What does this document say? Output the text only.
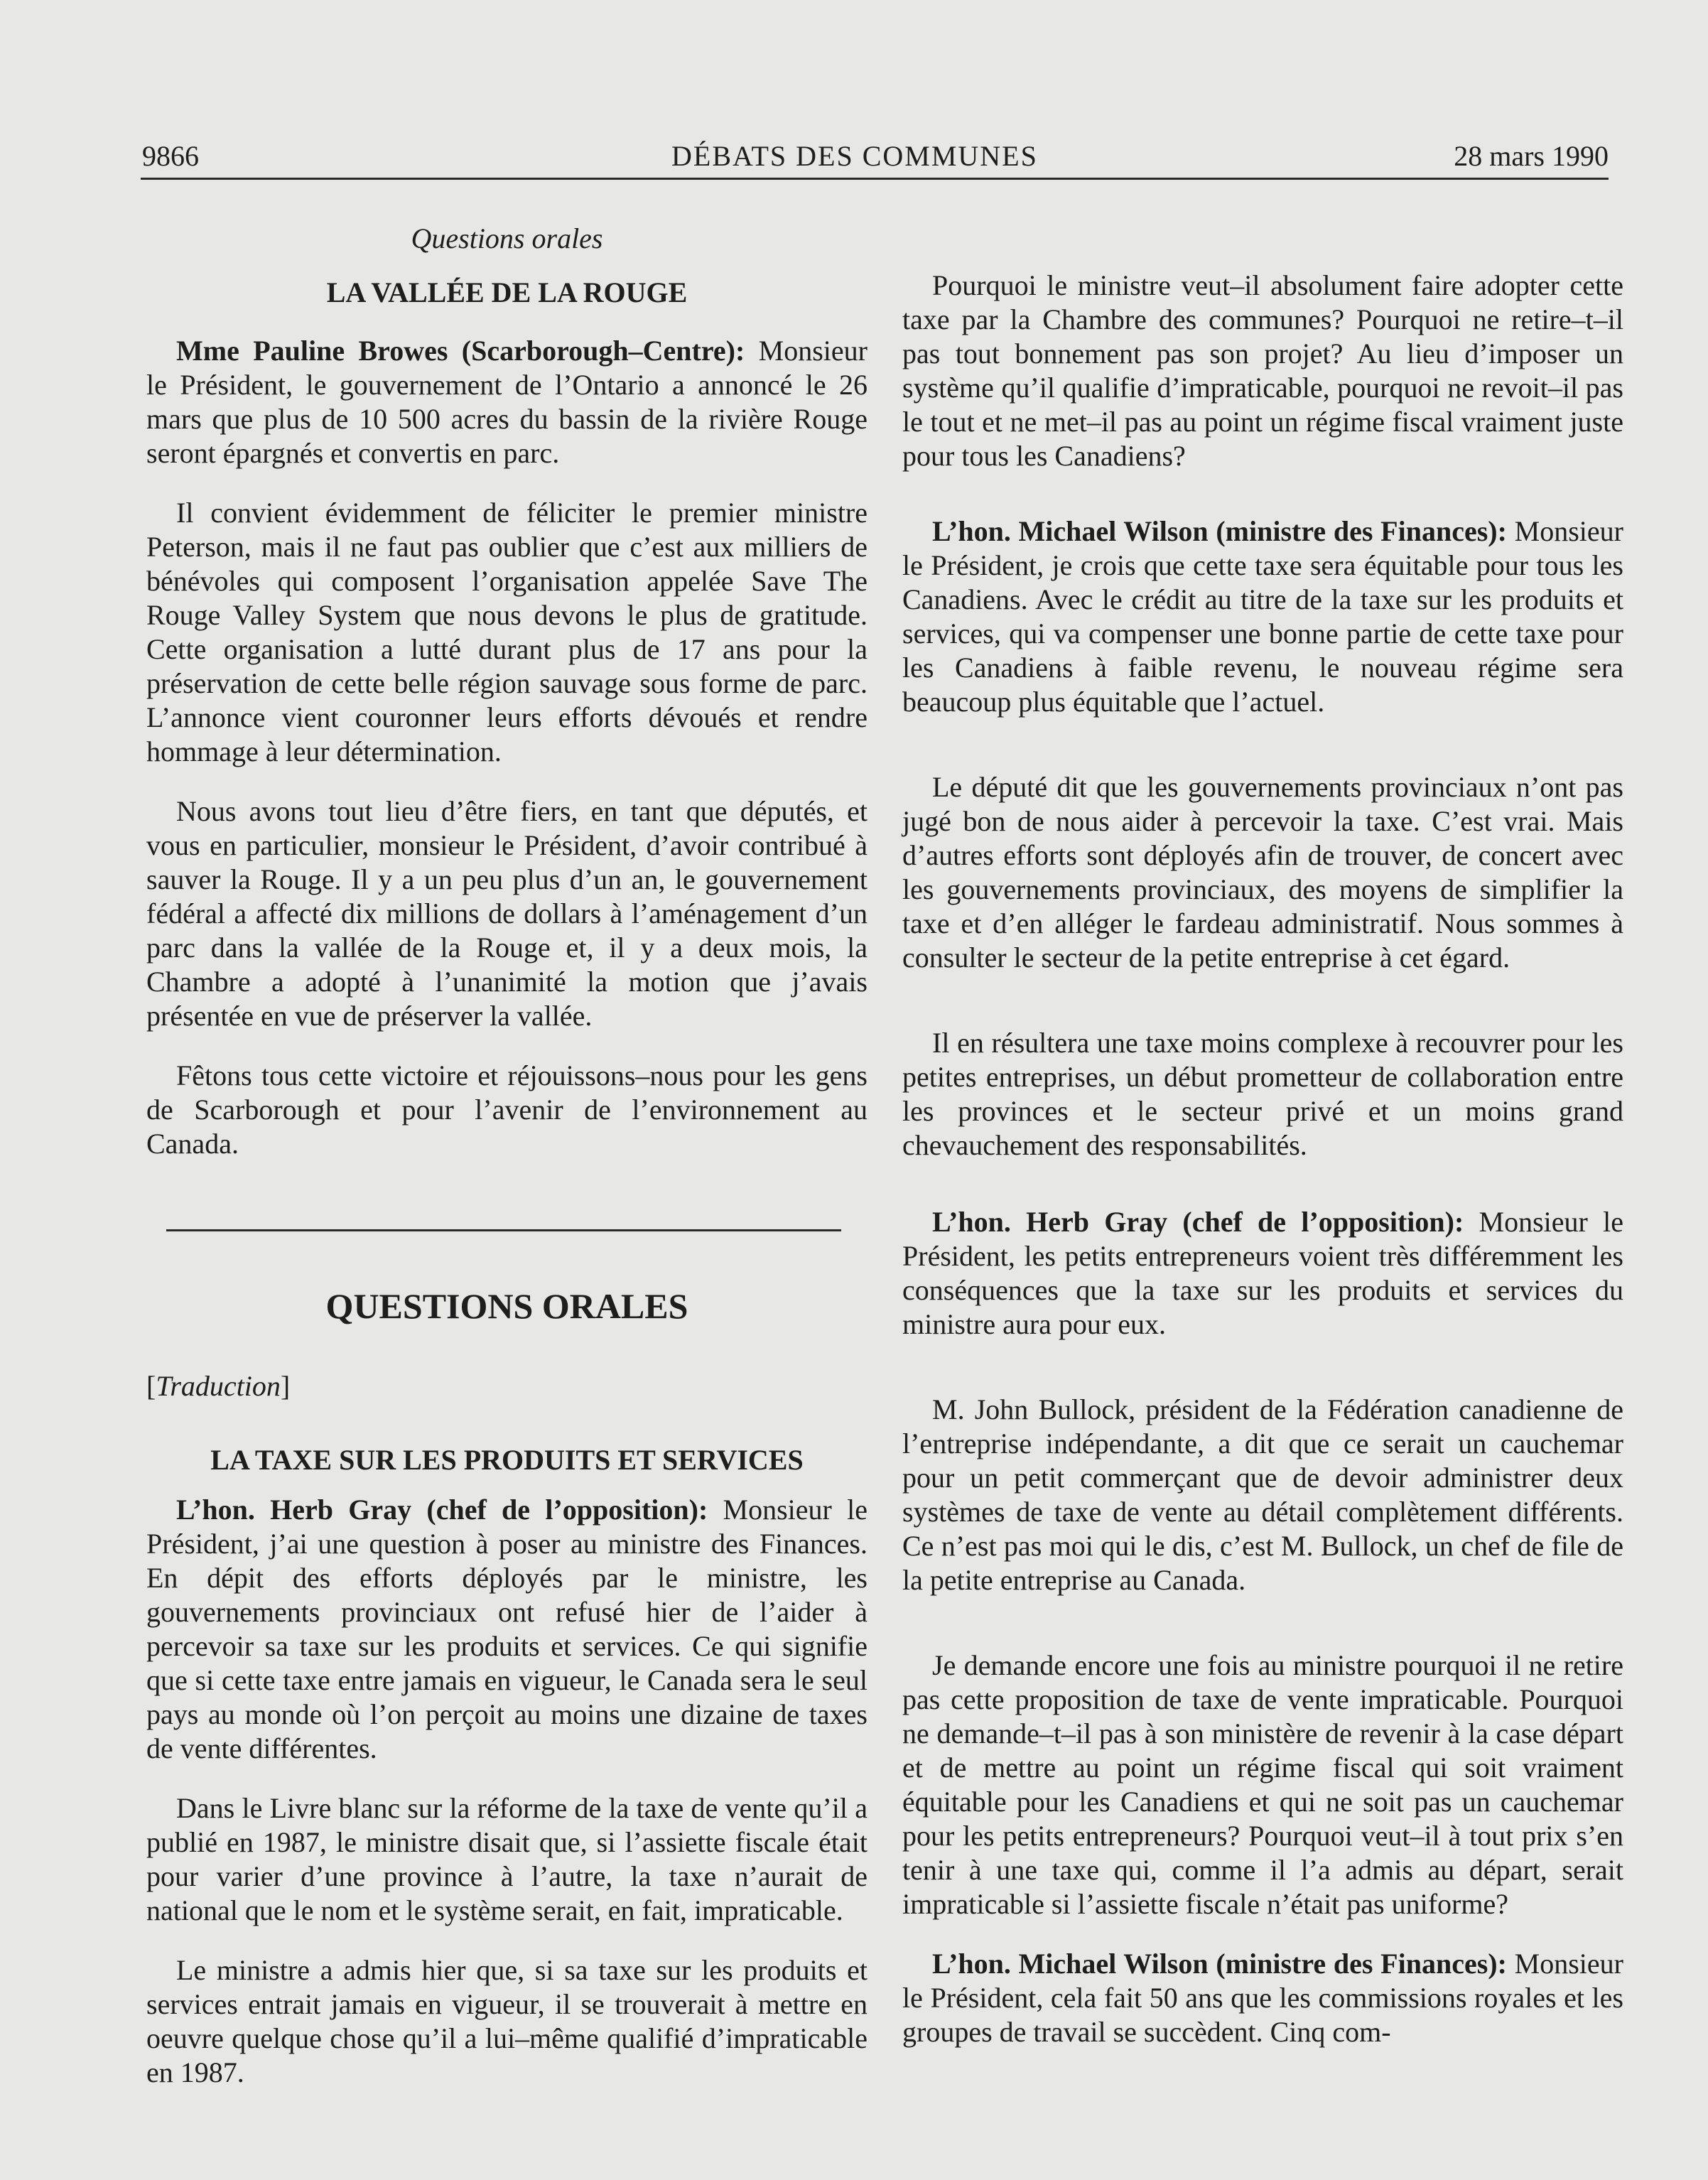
9866	DÉBATS DES COMMUNES	28 mars 1990
Questions orales
LA VALLÉE DE LA ROUGE

Mme Pauline Browes (Scarborough–Centre): Monsieur le Président, le gouvernement de l’Ontario a annoncé le 26 mars que plus de 10 500 acres du bassin de la rivière Rouge seront épargnés et convertis en parc.

Il convient évidemment de féliciter le premier ministre Peterson, mais il ne faut pas oublier que c’est aux milliers de bénévoles qui composent l’organisation appelée Save The Rouge Valley System que nous devons le plus de gratitude. Cette organisation a lutté durant plus de 17 ans pour la préservation de cette belle région sauvage sous forme de parc. L’annonce vient couronner leurs efforts dévoués et rendre hommage à leur détermination.

Nous avons tout lieu d’être fiers, en tant que députés, et vous en particulier, monsieur le Président, d’avoir contribué à sauver la Rouge. Il y a un peu plus d’un an, le gouvernement fédéral a affecté dix millions de dollars à l’aménagement d’un parc dans la vallée de la Rouge et, il y a deux mois, la Chambre a adopté à l’unanimité la motion que j’avais présentée en vue de préserver la vallée.

Fêtons tous cette victoire et réjouissons–nous pour les gens de Scarborough et pour l’avenir de l’environnement au Canada.

QUESTIONS ORALES
[Traduction]
LA TAXE SUR LES PRODUITS ET SERVICES

L’hon. Herb Gray (chef de l’opposition): Monsieur le Président, j’ai une question à poser au ministre des Finances. En dépit des efforts déployés par le ministre, les gouvernements provinciaux ont refusé hier de l’aider à percevoir sa taxe sur les produits et services. Ce qui signifie que si cette taxe entre jamais en vigueur, le Canada sera le seul pays au monde où l’on perçoit au moins une dizaine de taxes de vente différentes.

Dans le Livre blanc sur la réforme de la taxe de vente qu’il a publié en 1987, le ministre disait que, si l’assiette fiscale était pour varier d’une province à l’autre, la taxe n’aurait de national que le nom et le système serait, en fait, impraticable.

Le ministre a admis hier que, si sa taxe sur les produits et services entrait jamais en vigueur, il se trouverait à mettre en oeuvre quelque chose qu’il a lui–même qualifié d’impraticable en 1987.

Pourquoi le ministre veut–il absolument faire adopter cette taxe par la Chambre des communes? Pourquoi ne retire–t–il pas tout bonnement pas son projet? Au lieu d’imposer un système qu’il qualifie d’impraticable, pourquoi ne revoit–il pas le tout et ne met–il pas au point un régime fiscal vraiment juste pour tous les Canadiens?

L’hon. Michael Wilson (ministre des Finances): Monsieur le Président, je crois que cette taxe sera équitable pour tous les Canadiens. Avec le crédit au titre de la taxe sur les produits et services, qui va compenser une bonne partie de cette taxe pour les Canadiens à faible revenu, le nouveau régime sera beaucoup plus équitable que l’actuel.

Le député dit que les gouvernements provinciaux n’ont pas jugé bon de nous aider à percevoir la taxe. C’est vrai. Mais d’autres efforts sont déployés afin de trouver, de concert avec les gouvernements provinciaux, des moyens de simplifier la taxe et d’en alléger le fardeau administratif. Nous sommes à consulter le secteur de la petite entreprise à cet égard.

Il en résultera une taxe moins complexe à recouvrer pour les petites entreprises, un début prometteur de collaboration entre les provinces et le secteur privé et un moins grand chevauchement des responsabilités.

L’hon. Herb Gray (chef de l’opposition): Monsieur le Président, les petits entrepreneurs voient très différemment les conséquences que la taxe sur les produits et services du ministre aura pour eux.

M. John Bullock, président de la Fédération canadienne de l’entreprise indépendante, a dit que ce serait un cauchemar pour un petit commerçant que de devoir administrer deux systèmes de taxe de vente au détail complètement différents. Ce n’est pas moi qui le dis, c’est M. Bullock, un chef de file de la petite entreprise au Canada.

Je demande encore une fois au ministre pourquoi il ne retire pas cette proposition de taxe de vente impraticable. Pourquoi ne demande–t–il pas à son ministère de revenir à la case départ et de mettre au point un régime fiscal qui soit vraiment équitable pour les Canadiens et qui ne soit pas un cauchemar pour les petits entrepreneurs? Pourquoi veut–il à tout prix s’en tenir à une taxe qui, comme il l’a admis au départ, serait impraticable si l’assiette fiscale n’était pas uniforme?

L’hon. Michael Wilson (ministre des Finances): Monsieur le Président, cela fait 50 ans que les commissions royales et les groupes de travail se succèdent. Cinq com-
